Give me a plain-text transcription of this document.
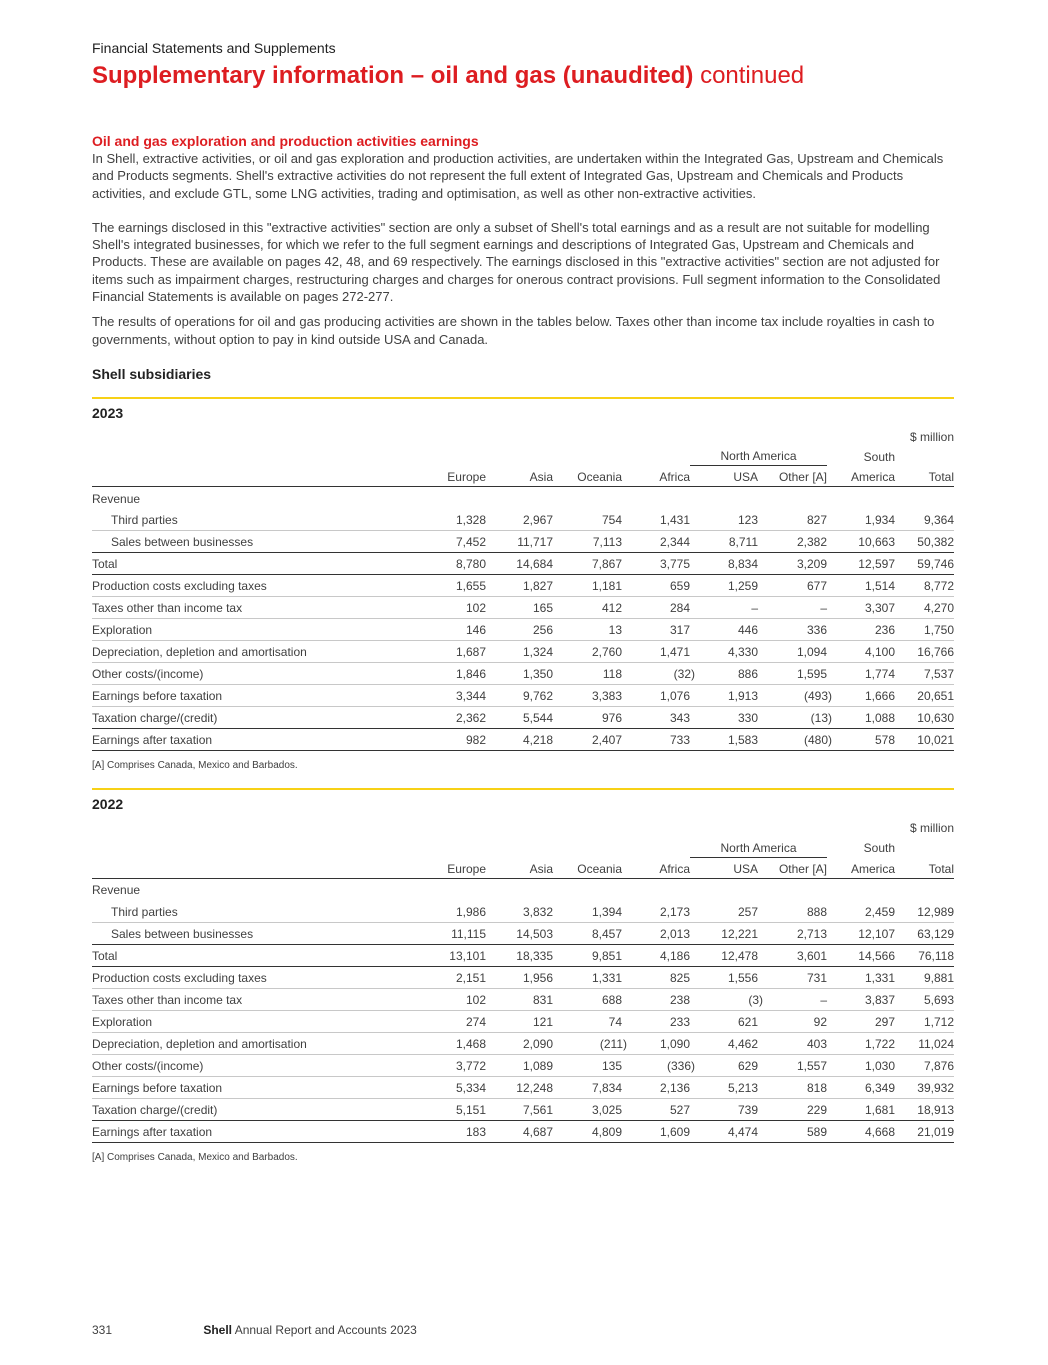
Financial Statements and Supplements
Supplementary information – oil and gas (unaudited) continued
Oil and gas exploration and production activities earnings

In Shell, extractive activities, or oil and gas exploration and production activities, are undertaken within the Integrated Gas, Upstream and Chemicals and Products segments. Shell's extractive activities do not represent the full extent of Integrated Gas, Upstream and Chemicals and Products activities, and exclude GTL, some LNG activities, trading and optimisation, as well as other non-extractive activities.

The earnings disclosed in this "extractive activities" section are only a subset of Shell's total earnings and as a result are not suitable for modelling Shell's integrated businesses, for which we refer to the full segment earnings and descriptions of Integrated Gas, Upstream and Chemicals and Products. These are available on pages 42, 48, and 69 respectively. The earnings disclosed in this "extractive activities" section are not adjusted for items such as impairment charges, restructuring charges and charges for onerous contract provisions. Full segment information to the Consolidated Financial Statements is available on pages 272-277.

The results of operations for oil and gas producing activities are shown in the tables below. Taxes other than income tax include royalties in cash to governments, without option to pay in kind outside USA and Canada.

Shell subsidiaries
2023
$ million
					North America		South	
	Europe	Asia	Oceania	Africa	USA	Other [A]	America	Total
Revenue								
Third parties	1,328	2,967	754	1,431	123	827	1,934	9,364
Sales between businesses	7,452	11,717	7,113	2,344	8,711	2,382	10,663	50,382
Total	8,780	14,684	7,867	3,775	8,834	3,209	12,597	59,746
Production costs excluding taxes	1,655	1,827	1,181	659	1,259	677	1,514	8,772
Taxes other than income tax	102	165	412	284	–	–	3,307	4,270
Exploration	146	256	13	317	446	336	236	1,750
Depreciation, depletion and amortisation	1,687	1,324	2,760	1,471	4,330	1,094	4,100	16,766
Other costs/(income)	1,846	1,350	118	(32)	886	1,595	1,774	7,537
Earnings before taxation	3,344	9,762	3,383	1,076	1,913	(493)	1,666	20,651
Taxation charge/(credit)	2,362	5,544	976	343	330	(13)	1,088	10,630
Earnings after taxation	982	4,218	2,407	733	1,583	(480)	578	10,021
[A] Comprises Canada, Mexico and Barbados.
2022
$ million
					North America		South	
	Europe	Asia	Oceania	Africa	USA	Other [A]	America	Total
Revenue								
Third parties	1,986	3,832	1,394	2,173	257	888	2,459	12,989
Sales between businesses	11,115	14,503	8,457	2,013	12,221	2,713	12,107	63,129
Total	13,101	18,335	9,851	4,186	12,478	3,601	14,566	76,118
Production costs excluding taxes	2,151	1,956	1,331	825	1,556	731	1,331	9,881
Taxes other than income tax	102	831	688	238	(3)	–	3,837	5,693
Exploration	274	121	74	233	621	92	297	1,712
Depreciation, depletion and amortisation	1,468	2,090	(211)	1,090	4,462	403	1,722	11,024
Other costs/(income)	3,772	1,089	135	(336)	629	1,557	1,030	7,876
Earnings before taxation	5,334	12,248	7,834	2,136	5,213	818	6,349	39,932
Taxation charge/(credit)	5,151	7,561	3,025	527	739	229	1,681	18,913
Earnings after taxation	183	4,687	4,809	1,609	4,474	589	4,668	21,019
[A] Comprises Canada, Mexico and Barbados.
331	Shell Annual Report and Accounts 2023
